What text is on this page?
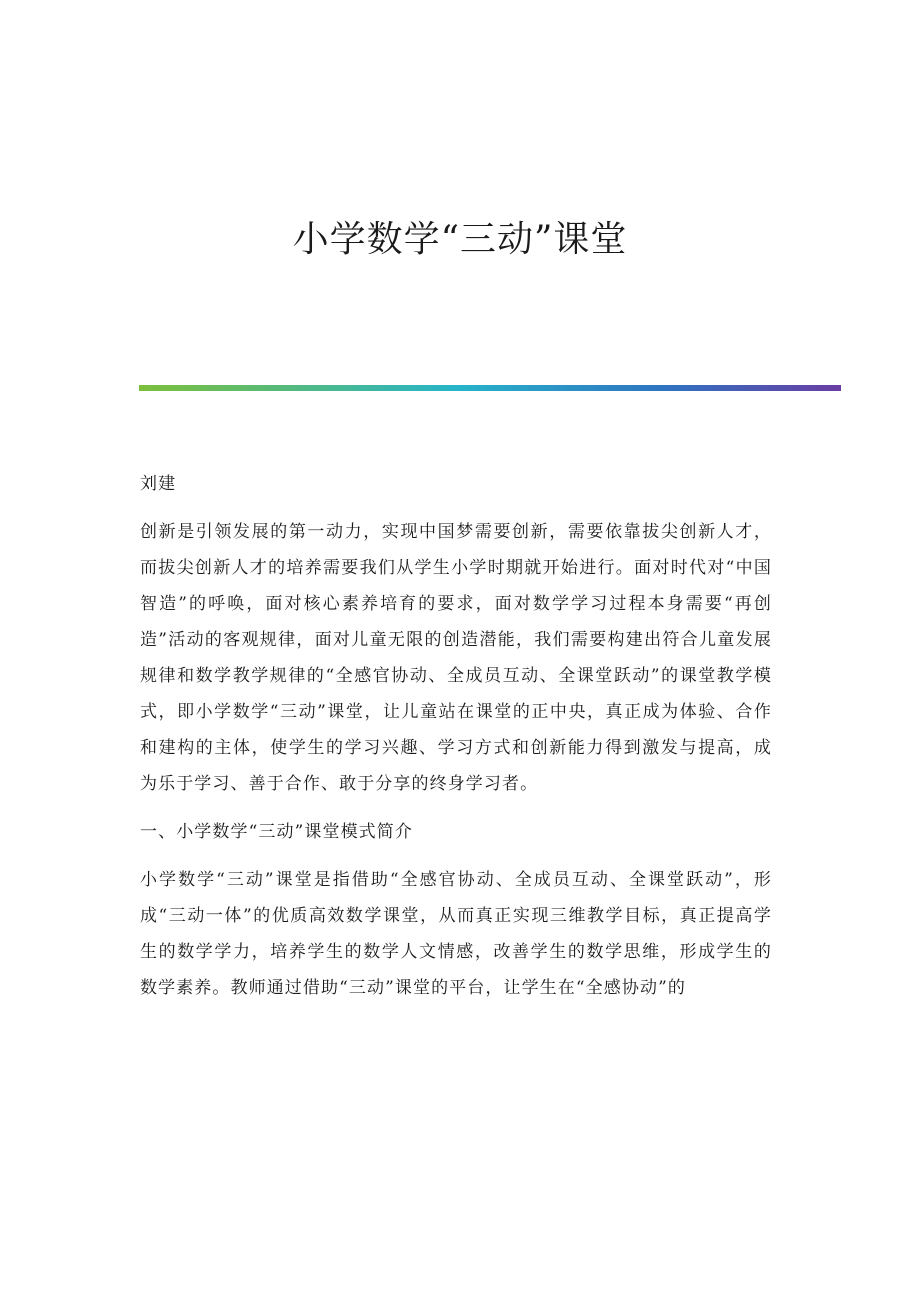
小学数学“三动”课堂

刘建

创新是引领发展的第一动力，实现中国梦需要创新，需要依靠拔尖创新人才，而拔尖创新人才的培养需要我们从学生小学时期就开始进行。面对时代对“中国智造”的呼唤，面对核心素养培育的要求，面对数学学习过程本身需要“再创造”活动的客观规律，面对儿童无限的创造潜能，我们需要构建出符合儿童发展规律和数学教学规律的“全感官协动、全成员互动、全课堂跃动”的课堂教学模式，即小学数学“三动”课堂，让儿童站在课堂的正中央，真正成为体验、合作和建构的主体，使学生的学习兴趣、学习方式和创新能力得到激发与提高，成为乐于学习、善于合作、敢于分享的终身学习者。

一、小学数学“三动”课堂模式简介

小学数学“三动”课堂是指借助“全感官协动、全成员互动、全课堂跃动”，形成“三动一体”的优质高效数学课堂，从而真正实现三维教学目标，真正提高学生的数学学力，培养学生的数学人文情感，改善学生的数学思维，形成学生的数学素养。教师通过借助“三动”课堂的平台，让学生在“全感协动”的
